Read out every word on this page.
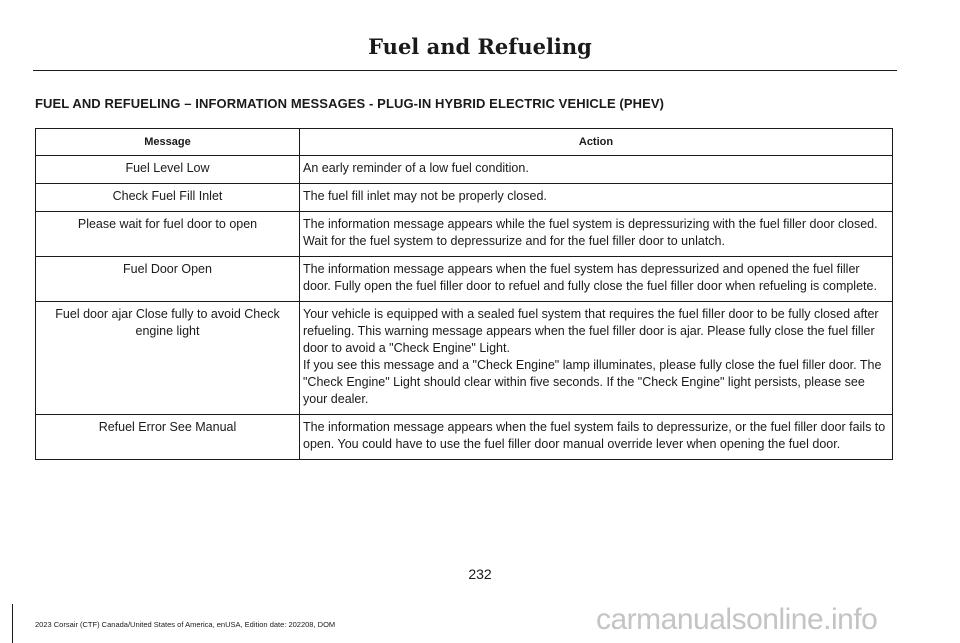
Fuel and Refueling
FUEL AND REFUELING – INFORMATION MESSAGES - PLUG-IN HYBRID ELECTRIC VEHICLE (PHEV)
Message	Action
Fuel Level Low	An early reminder of a low fuel condition.

Check Fuel Fill Inlet	The fuel fill inlet may not be properly closed.

Please wait for fuel door to open	The information message appears while the fuel system is depressurizing with the fuel filler door closed. Wait for the fuel system to depressurize and for the fuel filler door to unlatch.

Fuel Door Open	The information message appears when the fuel system has depressurized and opened the fuel filler door. Fully open the fuel filler door to refuel and fully close the fuel filler door when refueling is complete.

Fuel door ajar Close fully to avoid Check engine light	Your vehicle is equipped with a sealed fuel system that requires the fuel filler door to be fully closed after refueling. This warning message appears when the fuel filler door is ajar. Please fully close the fuel filler door to avoid a "Check Engine" Light.

If you see this message and a "Check Engine" lamp illuminates, please fully close the fuel filler door. The "Check Engine" Light should clear within five seconds. If the "Check Engine" light persists, please see your dealer.

Refuel Error See Manual	The information message appears when the fuel system fails to depressurize, or the fuel filler door fails to open. You could have to use the fuel filler door manual override lever when opening the fuel door.

232
2023 Corsair (CTF) Canada/United States of America, enUSA, Edition date: 202208, DOM	carmanualsonline.info
